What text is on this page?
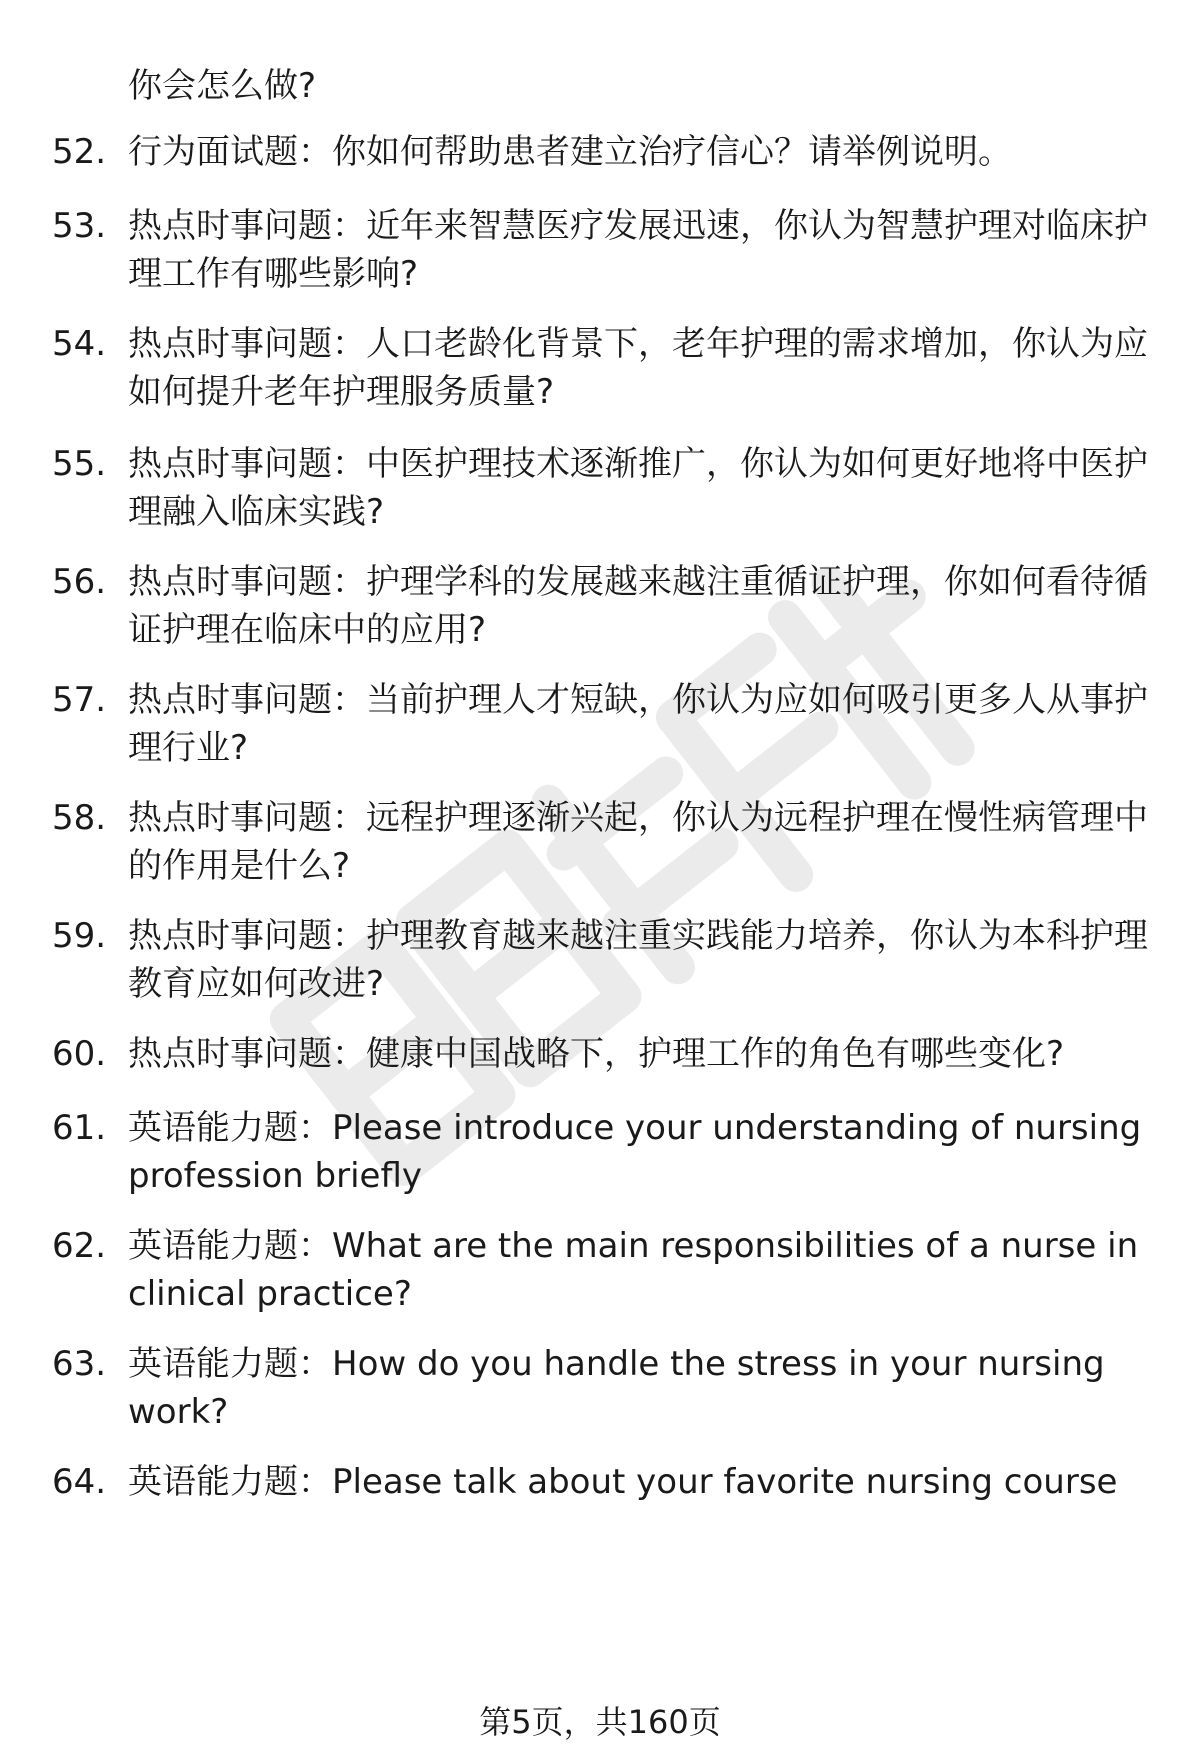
你会怎么做?
52. 行为面试题：你如何帮助患者建立治疗信心？请举例说明。
53. 热点时事问题：近年来智慧医疗发展迅速，你认为智慧护理对临床护理工作有哪些影响?
54. 热点时事问题：人口老龄化背景下，老年护理的需求增加，你认为应如何提升老年护理服务质量?
55. 热点时事问题：中医护理技术逐渐推广，你认为如何更好地将中医护理融入临床实践?
56. 热点时事问题：护理学科的发展越来越注重循证护理，你如何看待循证护理在临床中的应用?
57. 热点时事问题：当前护理人才短缺，你认为应如何吸引更多人从事护理行业?
58. 热点时事问题：远程护理逐渐兴起，你认为远程护理在慢性病管理中的作用是什么?
59. 热点时事问题：护理教育越来越注重实践能力培养，你认为本科护理教育应如何改进?
60. 热点时事问题：健康中国战略下，护理工作的角色有哪些变化?
61. 英语能力题：Please introduce your understanding of nursing profession briefly
62. 英语能力题：What are the main responsibilities of a nurse in clinical practice?
63. 英语能力题：How do you handle the stress in your nursing work?
64. 英语能力题：Please talk about your favorite nursing course
第5页，共160页
